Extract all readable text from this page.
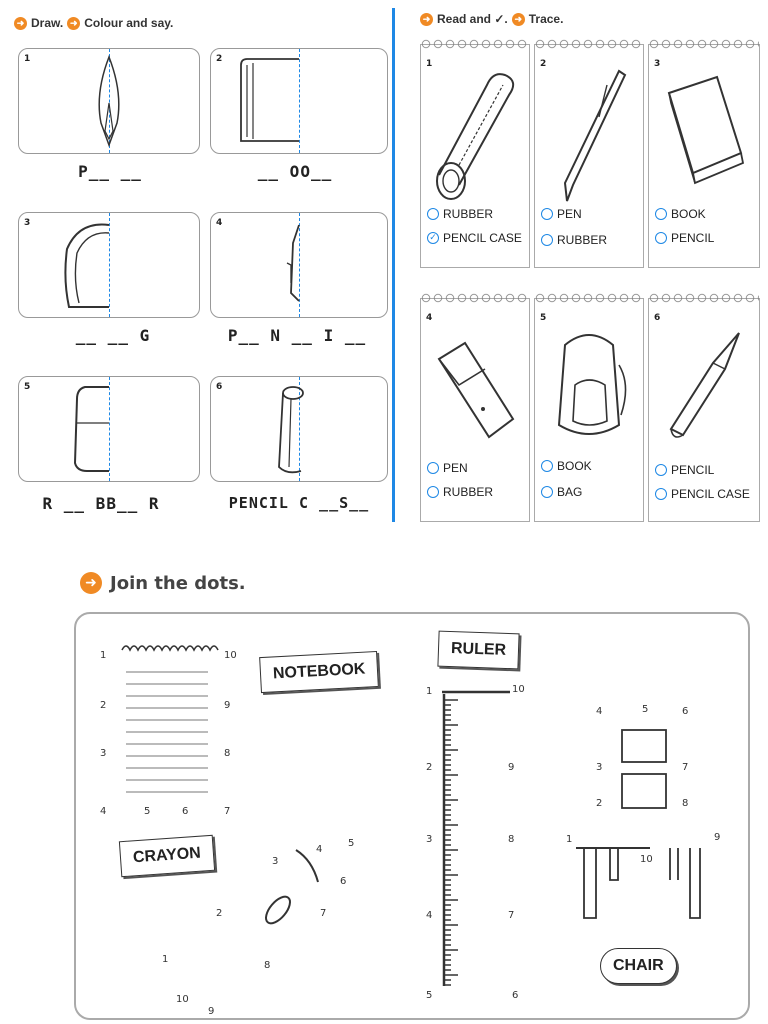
➜ Draw. ➜ Colour and say.
1
P__ __
2
__ OO__
3
__ __ G
4
P__ N __ I __
5
R __ BB__ R
6
PENCIL C __S__
➜ Read and ✓. ➜ Trace.
1
RUBBER
✓ PENCIL CASE
2
PEN
RUBBER
3
BOOK
PENCIL
4
PEN
RUBBER
5
BOOK
BAG
6
PENCIL
PENCIL CASE
➜ Join the dots.
1	10
2	9
3	8
4	5	6	7
NOTEBOOK
RULER
CRAYON
CHAIR
1
2
3
4
5
6
7
8
9
10
1	10
2	9
3	8
4	7
5	6
1
2
3
4	5	6
7
8
9
10
